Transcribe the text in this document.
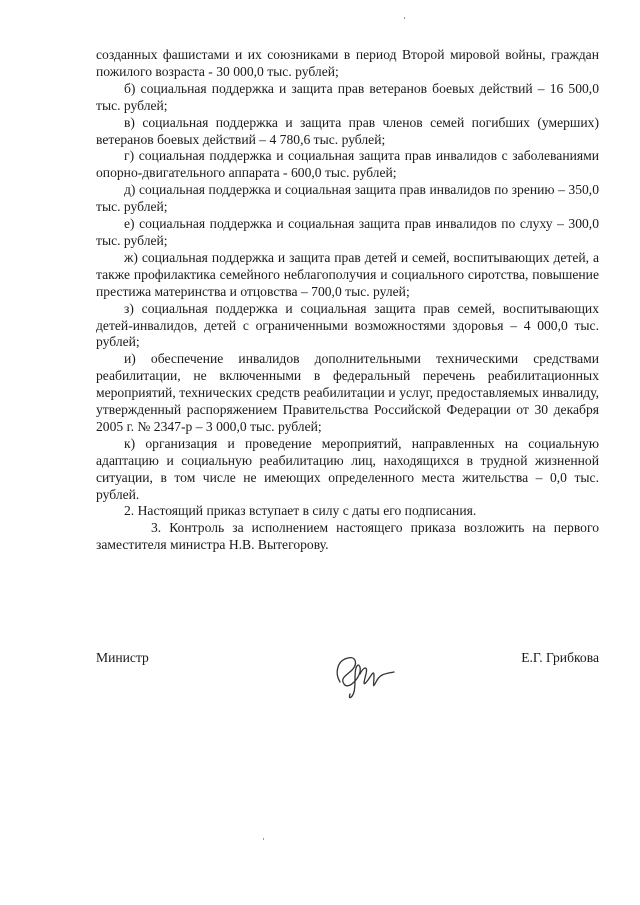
созданных фашистами и их союзниками в период Второй мировой войны, граждан пожилого возраста - 30 000,0 тыс. рублей;

б) социальная поддержка и защита прав ветеранов боевых действий – 16 500,0 тыс. рублей;

в) социальная поддержка и защита прав членов семей погибших (умерших) ветеранов боевых действий – 4 780,6 тыс. рублей;

г) социальная поддержка и социальная защита прав инвалидов с заболеваниями опорно-двигательного аппарата - 600,0 тыс. рублей;

д) социальная поддержка и социальная защита прав инвалидов по зрению – 350,0 тыс. рублей;

е) социальная поддержка и социальная защита прав инвалидов по слуху – 300,0 тыс. рублей;

ж) социальная поддержка и защита прав детей и семей, воспитывающих детей, а также профилактика семейного неблагополучия и социального сиротства, повышение престижа материнства и отцовства – 700,0 тыс. рулей;

з) социальная поддержка и социальная защита прав семей, воспитывающих детей-инвалидов, детей с ограниченными возможностями здоровья – 4 000,0 тыс. рублей;

и) обеспечение инвалидов дополнительными техническими средствами реабилитации, не включенными в федеральный перечень реабилитационных мероприятий, технических средств реабилитации и услуг, предоставляемых инвалиду, утвержденный распоряжением Правительства Российской Федерации от 30 декабря 2005 г. № 2347-р – 3 000,0 тыс. рублей;

к) организация и проведение мероприятий, направленных на социальную адаптацию и социальную реабилитацию лиц, находящихся в трудной жизненной ситуации, в том числе не имеющих определенного места жительства – 0,0 тыс. рублей.

2. Настоящий приказ вступает в силу с даты его подписания.

3. Контроль за исполнением настоящего приказа возложить на первого заместителя министра Н.В. Вытегорову.

Министр	Е.Г. Грибкова
